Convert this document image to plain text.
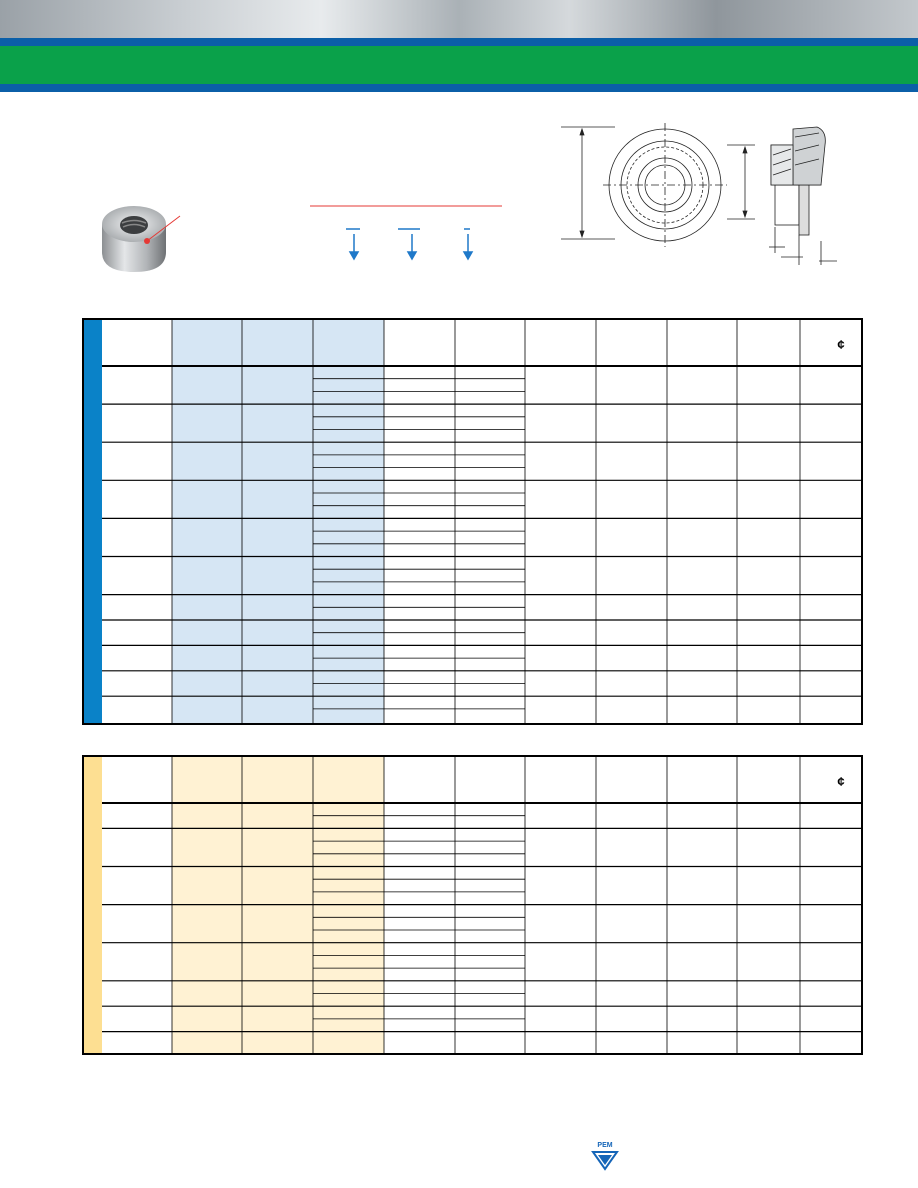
¢
¢
PEM
